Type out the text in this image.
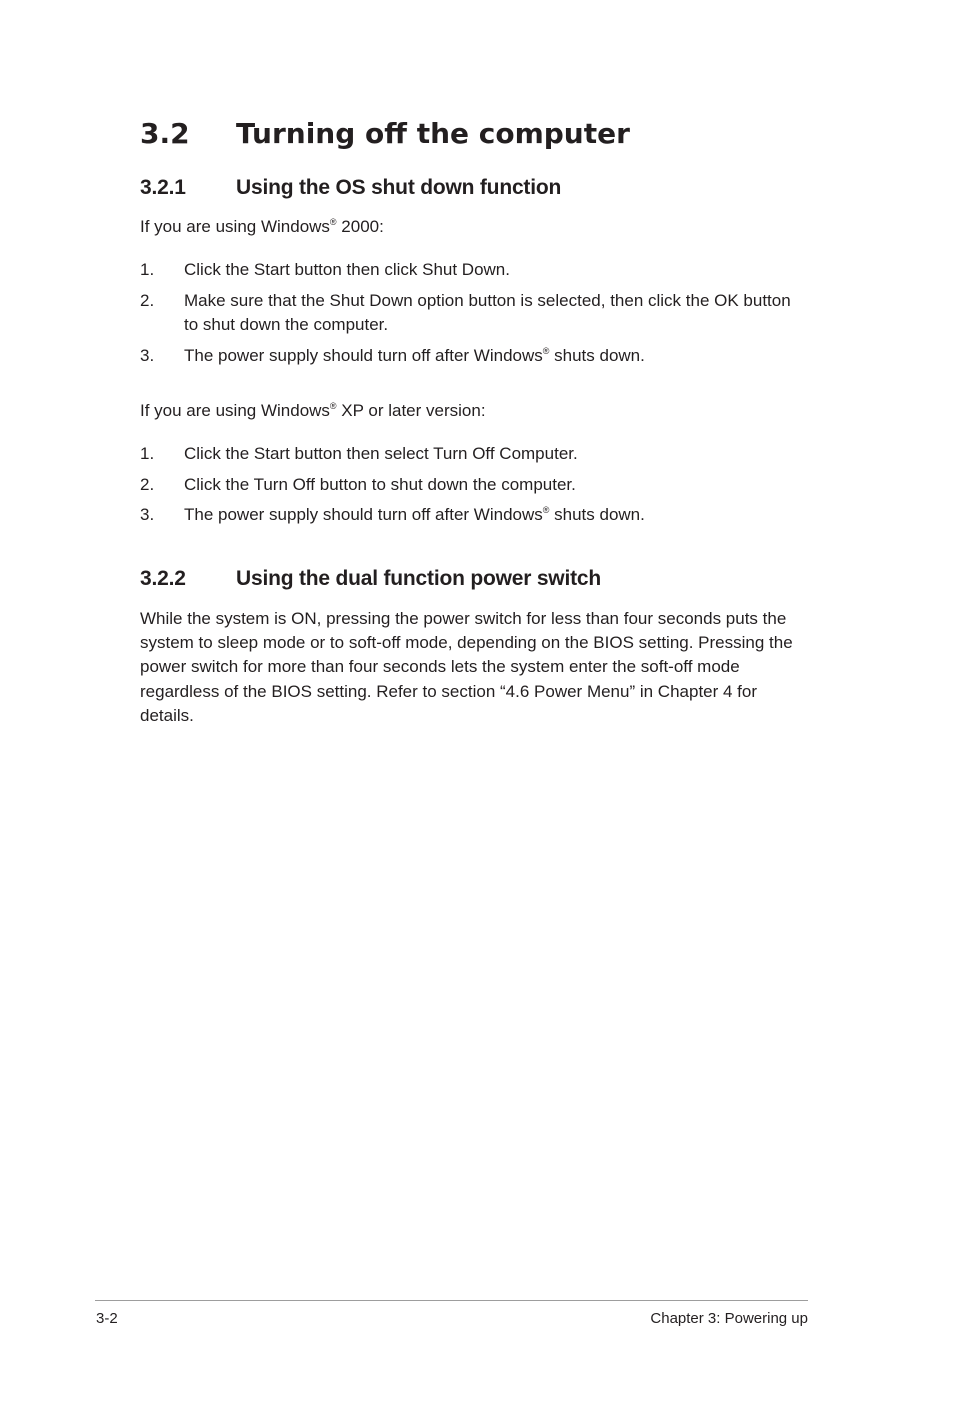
3.2 Turning off the computer
3.2.1 Using the OS shut down function

If you are using Windows® 2000:

1.	Click the Start button then click Shut Down.
2.	Make sure that the Shut Down option button is selected, then click the OK button to shut down the computer.
3.	The power supply should turn off after Windows® shuts down.

If you are using Windows® XP or later version:

1.	Click the Start button then select Turn Off Computer.
2.	Click the Turn Off button to shut down the computer.
3.	The power supply should turn off after Windows® shuts down.
3.2.2 Using the dual function power switch

While the system is ON, pressing the power switch for less than four seconds puts the system to sleep mode or to soft-off mode, depending on the BIOS setting. Pressing the power switch for more than four seconds lets the system enter the soft-off mode regardless of the BIOS setting. Refer to section “4.6 Power Menu” in Chapter 4 for details.

3-2	Chapter 3: Powering up
